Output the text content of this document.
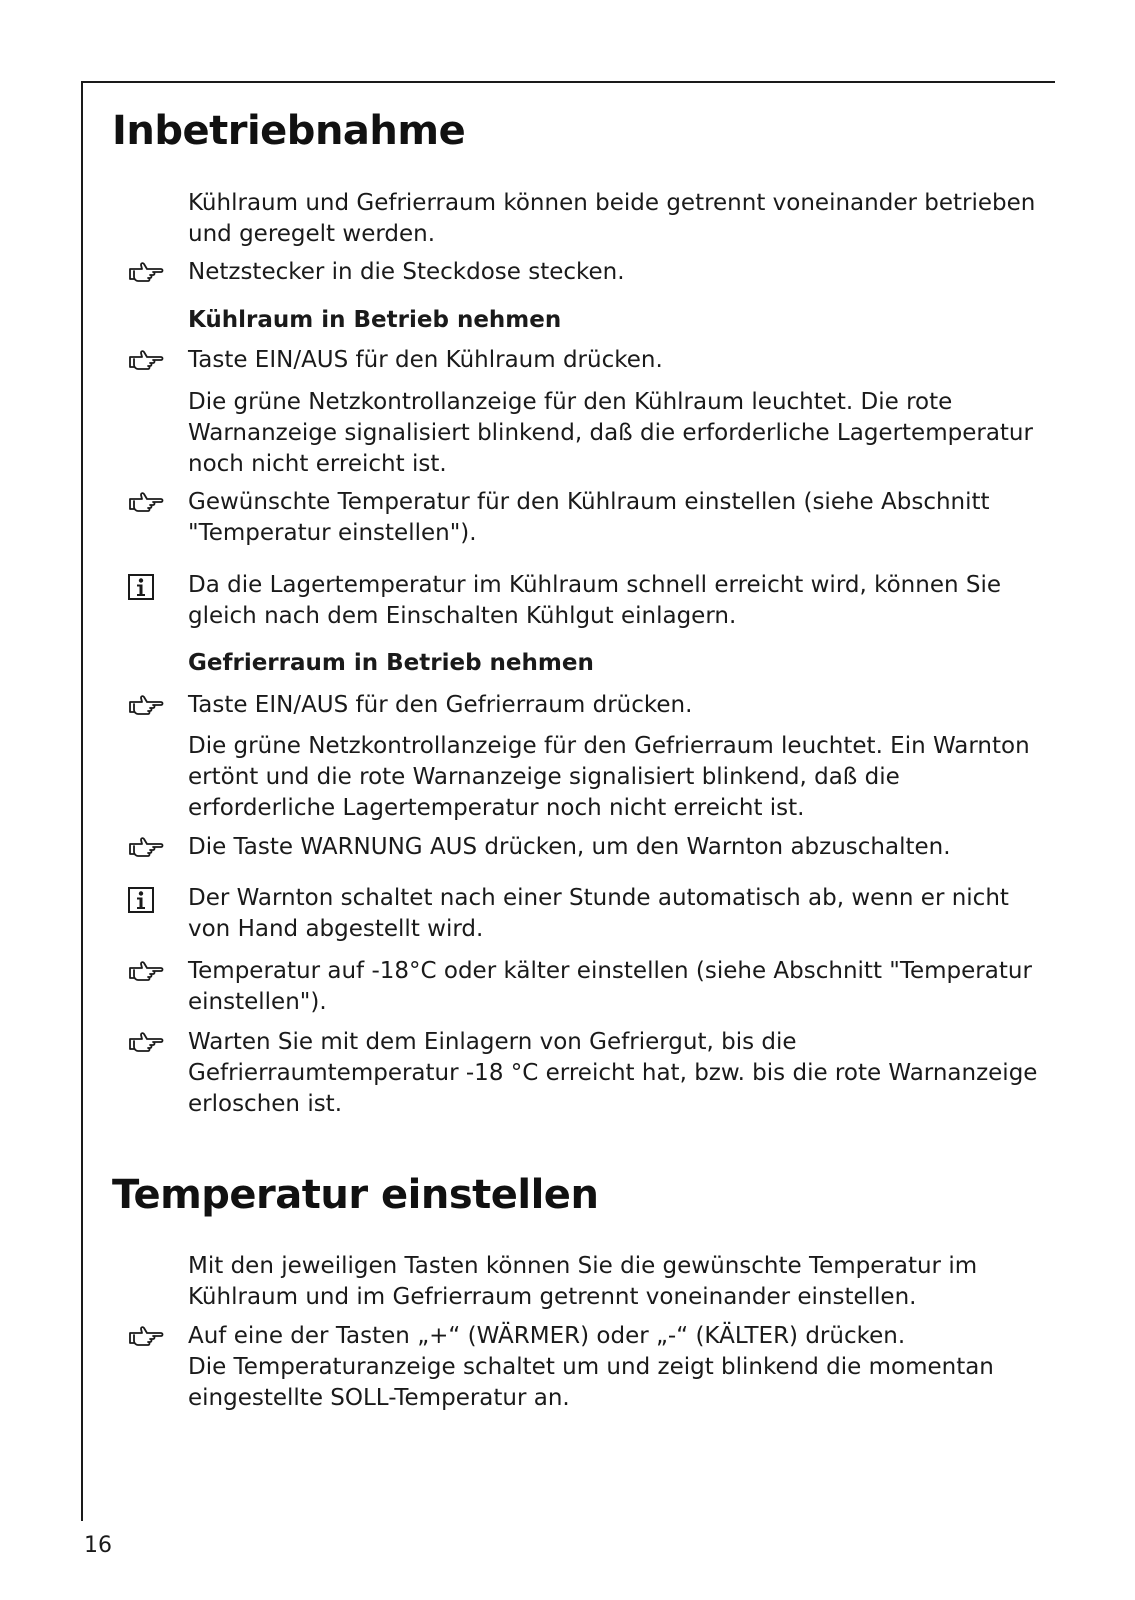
Inbetriebnahme

Kühlraum und Gefrierraum können beide getrennt voneinander betrieben und geregelt werden.

Netzstecker in die Steckdose stecken.

Kühlraum in Betrieb nehmen

Taste EIN/AUS für den Kühlraum drücken.

Die grüne Netzkontrollanzeige für den Kühlraum leuchtet. Die rote Warnanzeige signalisiert blinkend, daß die erforderliche Lagertemperatur noch nicht erreicht ist.

Gewünschte Temperatur für den Kühlraum einstellen (siehe Abschnitt "Temperatur einstellen").

Da die Lagertemperatur im Kühlraum schnell erreicht wird, können Sie gleich nach dem Einschalten Kühlgut einlagern.

Gefrierraum in Betrieb nehmen

Taste EIN/AUS für den Gefrierraum drücken.

Die grüne Netzkontrollanzeige für den Gefrierraum leuchtet. Ein Warnton ertönt und die rote Warnanzeige signalisiert blinkend, daß die erforderliche Lagertemperatur noch nicht erreicht ist.

Die Taste WARNUNG AUS drücken, um den Warnton abzuschalten.

Der Warnton schaltet nach einer Stunde automatisch ab, wenn er nicht von Hand abgestellt wird.

Temperatur auf -18°C oder kälter einstellen (siehe Abschnitt "Temperatur einstellen").

Warten Sie mit dem Einlagern von Gefriergut, bis die Gefrierraumtemperatur -18 °C erreicht hat, bzw. bis die rote Warnanzeige erloschen ist.

Temperatur einstellen

Mit den jeweiligen Tasten können Sie die gewünschte Temperatur im Kühlraum und im Gefrierraum getrennt voneinander einstellen.

Auf eine der Tasten „+“ (WÄRMER) oder „-“ (KÄLTER) drücken.

Die Temperaturanzeige schaltet um und zeigt blinkend die momentan eingestellte SOLL-Temperatur an.

16
